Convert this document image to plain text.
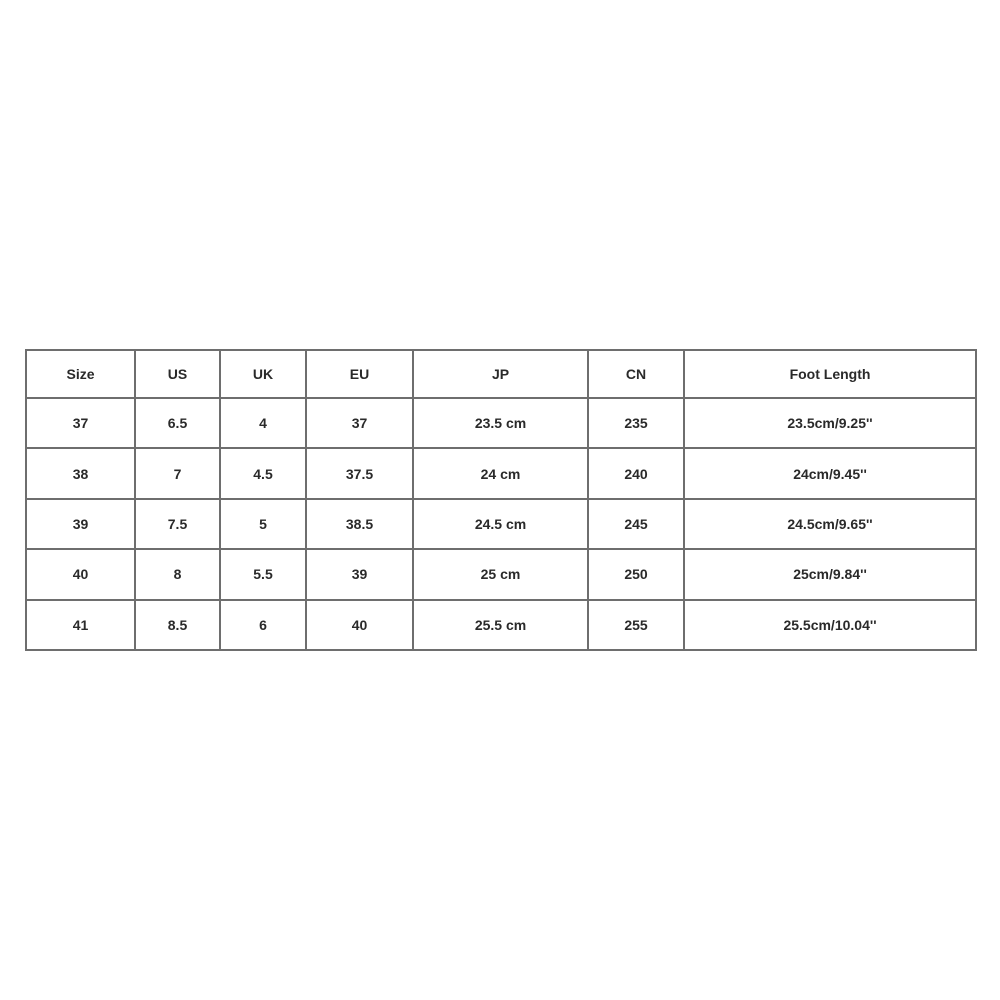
Size	US	UK	EU	JP	CN	Foot Length
37	6.5	4	37	23.5 cm	235	23.5cm/9.25''
38	7	4.5	37.5	24 cm	240	24cm/9.45''
39	7.5	5	38.5	24.5 cm	245	24.5cm/9.65''
40	8	5.5	39	25 cm	250	25cm/9.84''
41	8.5	6	40	25.5 cm	255	25.5cm/10.04''
